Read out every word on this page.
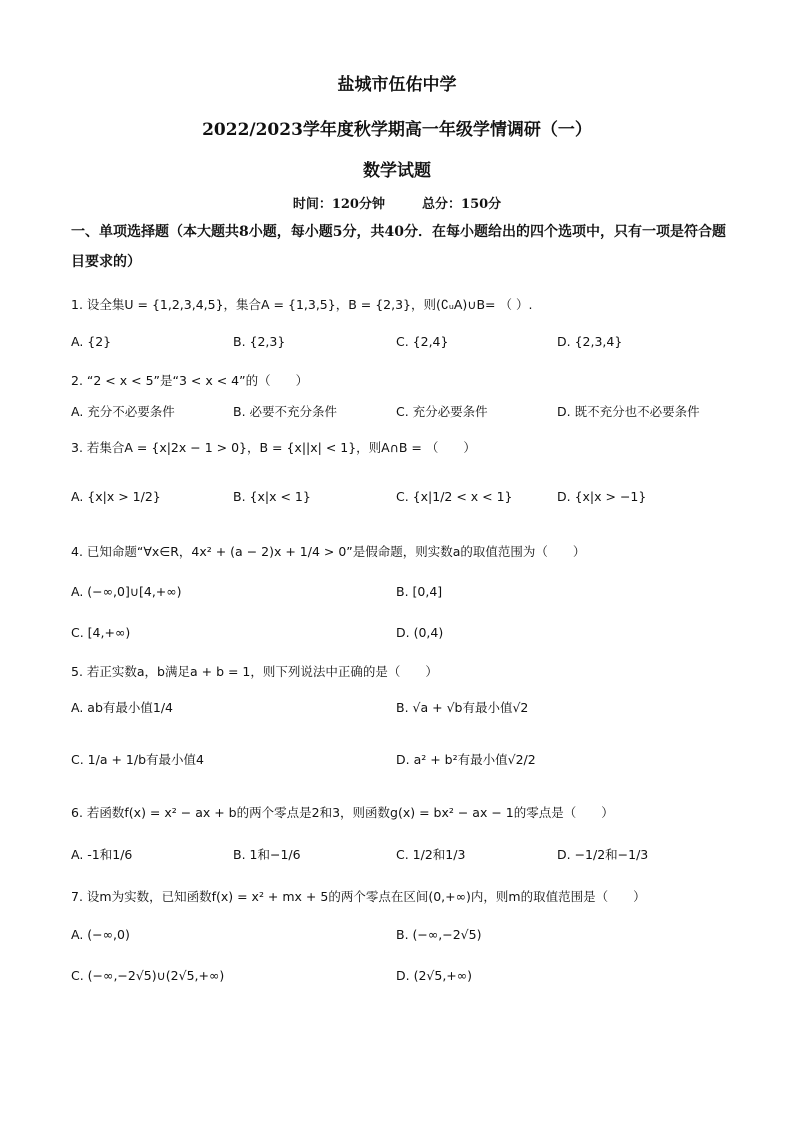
盐城市伍佑中学
2022/2023学年度秋学期高一年级学情调研（一）
数学试题
时间：120分钟	总分：150分
一、单项选择题（本大题共8小题，每小题5分，共40分．在每小题给出的四个选项中，只有一项是符合题目要求的）
1. 设全集U = {1,2,3,4,5}，集合A = {1,3,5}，B = {2,3}，则(∁ᵤA)∪B= （ ）.
A. {2}	B. {2,3}	C. {2,4}	D. {2,3,4}
2. “2 < x < 5”是“3 < x < 4”的（　　）
A. 充分不必要条件	B. 必要不充分条件	C. 充分必要条件	D. 既不充分也不必要条件
3. 若集合A = {x|2x − 1 > 0}，B = {x||x| < 1}，则A∩B = （　　）
A. {x|x > 1/2}	B. {x|x < 1}	C. {x|1/2 < x < 1}	D. {x|x > −1}
4. 已知命题“∀x∈R，4x² + (a − 2)x + 1/4 > 0”是假命题，则实数a的取值范围为（　　）
A. (−∞,0]∪[4,+∞)	B. [0,4]
C. [4,+∞)	D. (0,4)
5. 若正实数a，b满足a + b = 1，则下列说法中正确的是（　　）
A. ab有最小值1/4	B. √a + √b有最小值√2
C. 1/a + 1/b有最小值4	D. a² + b²有最小值√2/2
6. 若函数f(x) = x² − ax + b的两个零点是2和3，则函数g(x) = bx² − ax − 1的零点是（　　）
A. -1和1/6	B. 1和−1/6	C. 1/2和1/3	D. −1/2和−1/3
7. 设m为实数，已知函数f(x) = x² + mx + 5的两个零点在区间(0,+∞)内，则m的取值范围是（　　）
A. (−∞,0)	B. (−∞,−2√5)
C. (−∞,−2√5)∪(2√5,+∞)	D. (2√5,+∞)
